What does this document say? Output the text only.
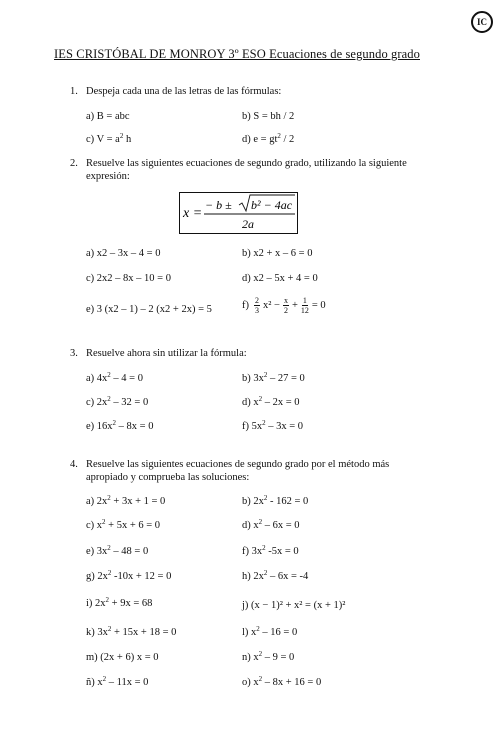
IC
IES CRISTÓBAL DE MONROY 3º ESO Ecuaciones de segundo grado
1. Despeja cada una de las letras de las fórmulas:
a) B = abc	b) S = bh / 2
c) $V = a^2$ h	d) $e = gt^2 / 2$
2. Resuelve las siguientes ecuaciones de segundo grado, utilizando la siguiente
expresión:
x =
− b ± b² − 4ac
2a
a) x2 – 3x – 4 = 0	b) x2 + x – 6 = 0
c) 2x2 – 8x – 10 = 0	d) x2 – 5x + 4 = 0
e) 3 (x2 – 1) – 2 (x2 + 2x) = 5	$f) \frac{2}{3} x^2 - \frac{x}{2} + \frac{1}{12} = 0$
3. Resuelve ahora sin utilizar la fórmula:
a) $4x^2 - 4 = 0$	b) $3x^2 - 27 = 0$
c) $2x^2 - 32 = 0$	d) $x^2 - 2x = 0$
e) $16x^2 - 8x = 0$	f) $5x^2 - 3x = 0$
4. Resuelve las siguientes ecuaciones de segundo grado por el método más
apropiado y comprueba las soluciones:
a) $2x^2 + 3x + 1 = 0$	b) $2x^2 - 162 = 0$
c) $x^2 + 5x + 6 = 0$	d) $x^2 - 6x = 0$
e) $3x^2 - 48 = 0$	f) $3x^2$ -5x = 0
g) $2x^2$ -10x + 12 = 0	h) $2x^2 - 6x = -4$
i) $2x^2 + 9x = 68$	j) (x − 1)² + x² = (x + 1)²
k) $3x^2 + 15x + 18 = 0$	l) $x^2 - 16 = 0$
m) (2x + 6) x = 0	n) $x^2 - 9 = 0$
ñ) $x^2 - 11x = 0$	o) $x^2 - 8x + 16 = 0$
